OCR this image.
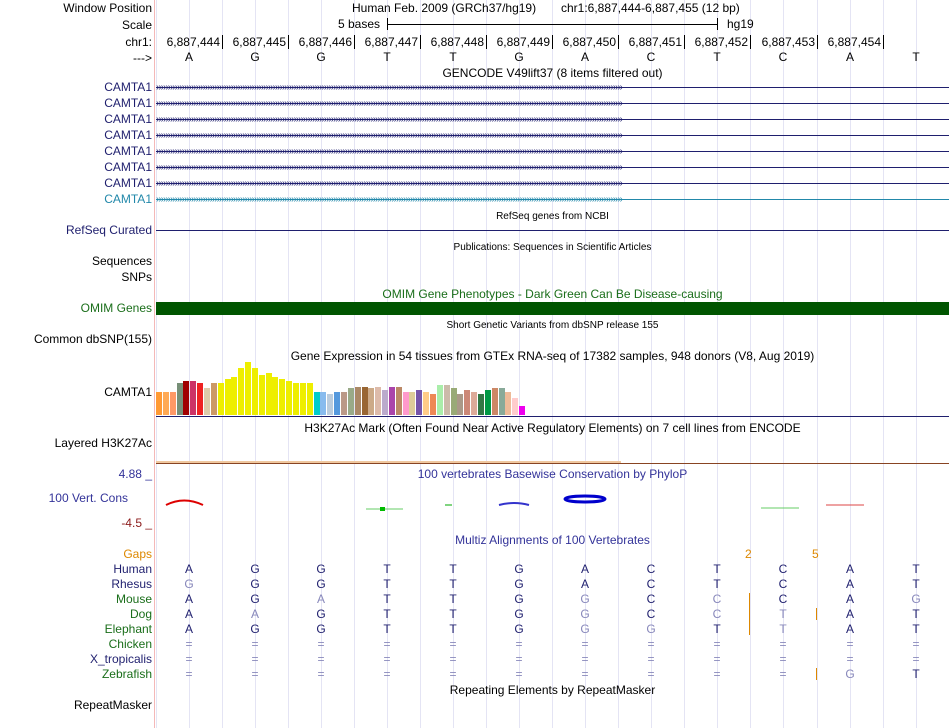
Window Position	Human Feb. 2009 (GRCh37/hg19) chr1:6,887,444-6,887,455 (12 bp)
Scale	5 bases	hg19
chr1:	6,887,444	6,887,445	6,887,446	6,887,447	6,887,448	6,887,449	6,887,450	6,887,451	6,887,452	6,887,453	6,887,454
--->	A	G	G	T	T	G	A	C	T	C	A	T
GENCODE V49lift37 (8 items filtered out)
CAMTA1 ››››››››››››››››››››››››››››››››››››››››››››››››››››››››››››››››››››››››››››››››››››››››››››››››››››››››››››››››››››››››››››››››››››››››››››››››››››››››››››››››››››››››››››››››››››››››››››››››››››››››
CAMTA1 ››››››››››››››››››››››››››››››››››››››››››››››››››››››››››››››››››››››››››››››››››››››››››››››››››››››››››››››››››››››››››››››››››››››››››››››››››››››››››››››››››››››››››››››››››››››››››››››››››››››››
CAMTA1 ››››››››››››››››››››››››››››››››››››››››››››››››››››››››››››››››››››››››››››››››››››››››››››››››››››››››››››››››››››››››››››››››››››››››››››››››››››››››››››››››››››››››››››››››››››››››››››››››››››››››
CAMTA1 ››››››››››››››››››››››››››››››››››››››››››››››››››››››››››››››››››››››››››››››››››››››››››››››››››››››››››››››››››››››››››››››››››››››››››››››››››››››››››››››››››››››››››››››››››››››››››››››››››››››››
CAMTA1 ››››››››››››››››››››››››››››››››››››››››››››››››››››››››››››››››››››››››››››››››››››››››››››››››››››››››››››››››››››››››››››››››››››››››››››››››››››››››››››››››››››››››››››››››››››››››››››››››››››››››
CAMTA1 ››››››››››››››››››››››››››››››››››››››››››››››››››››››››››››››››››››››››››››››››››››››››››››››››››››››››››››››››››››››››››››››››››››››››››››››››››››››››››››››››››››››››››››››››››››››››››››››››››››››››
CAMTA1 ››››››››››››››››››››››››››››››››››››››››››››››››››››››››››››››››››››››››››››››››››››››››››››››››››››››››››››››››››››››››››››››››››››››››››››››››››››››››››››››››››››››››››››››››››››››››››››››››››››››››
CAMTA1 ››››››››››››››››››››››››››››››››››››››››››››››››››››››››››››››››››››››››››››››››››››››››››››››››››››››››››››››››››››››››››››››››››››››››››››››››››››››››››››››››››››››››››››››››››››››››››››››››››››››››
RefSeq genes from NCBI
RefSeq Curated
Publications: Sequences in Scientific Articles
Sequences
SNPs
OMIM Gene Phenotypes - Dark Green Can Be Disease-causing
OMIM Genes
Short Genetic Variants from dbSNP release 155
Common dbSNP(155)
Gene Expression in 54 tissues from GTEx RNA-seq of 17382 samples, 948 donors (V8, Aug 2019)
CAMTA1
H3K27Ac Mark (Often Found Near Active Regulatory Elements) on 7 cell lines from ENCODE
Layered H3K27Ac
4.88 _	100 vertebrates Basewise Conservation by PhyloP
100 Vert. Cons
-4.5 _
Multiz Alignments of 100 Vertebrates
Gaps	2	5
Human	A	G	G	T	T	G	A	C	T	C	A	T
Rhesus	G	G	G	T	T	G	A	C	T	C	A	T
Mouse	A	G	A	T	T	G	G	C	C	C	A	G
Dog	A	A	G	T	T	G	G	C	C	T	A	T
Elephant	A	G	G	T	T	G	G	G	T	T	A	T
Chicken	=	=	=	=	=	=	=	=	=	=	=	=
X_tropicalis	=	=	=	=	=	=	=	=	=	=	=	=
Zebrafish	=	=	=	=	=	=	=	=	=	=	G	T
Repeating Elements by RepeatMasker
RepeatMasker
